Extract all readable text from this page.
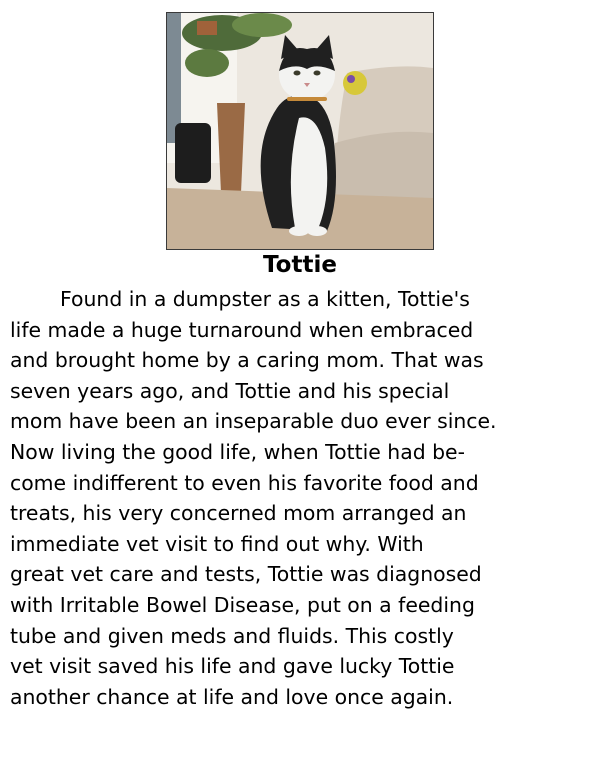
Tottie

Found in a dumpster as a kitten, Tottie's
life made a huge turnaround when embraced
and brought home by a caring mom. That was
seven years ago, and Tottie and his special
mom have been an inseparable duo ever since.
Now living the good life, when Tottie had be-
come indifferent to even his favorite food and
treats, his very concerned mom arranged an
immediate vet visit to find out why. With
great vet care and tests, Tottie was diagnosed
with Irritable Bowel Disease, put on a feeding
tube and given meds and fluids. This costly
vet visit saved his life and gave lucky Tottie
another chance at life and love once again.
